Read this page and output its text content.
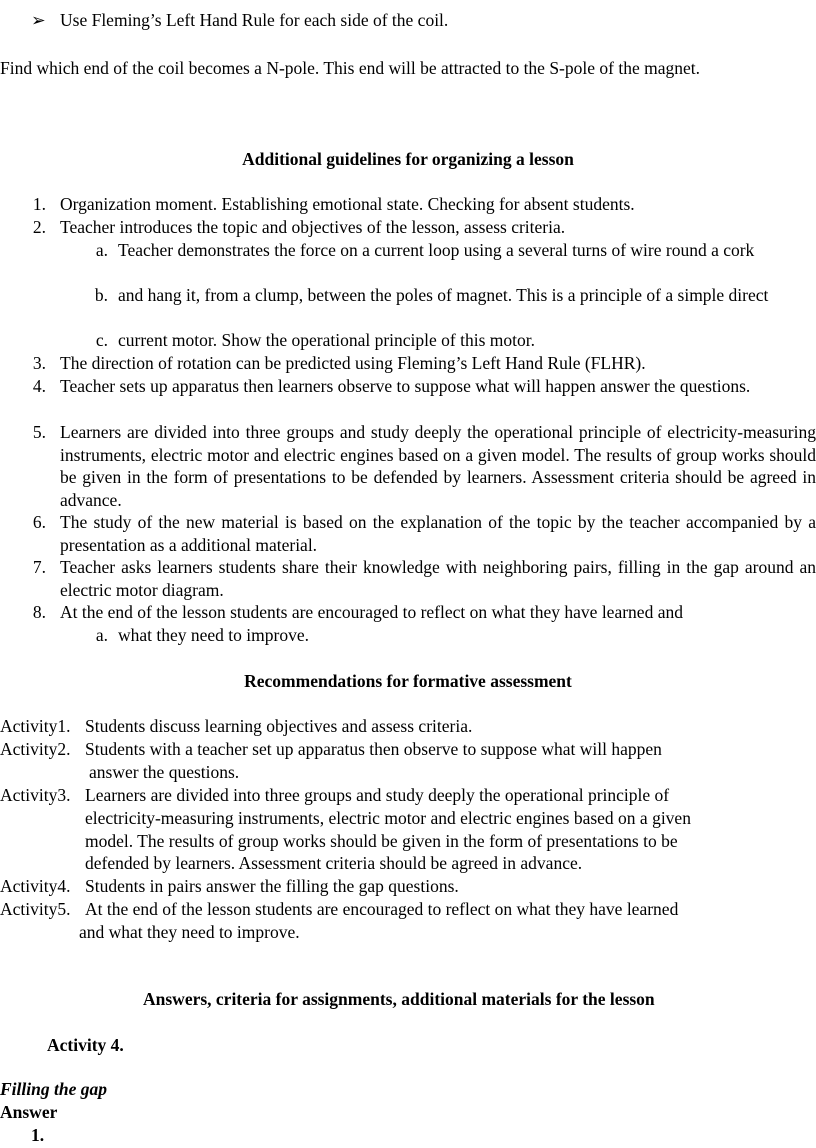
➢ Use Fleming’s Left Hand Rule for each side of the coil.
Find which end of the coil becomes a N-pole. This end will be attracted to the S-pole of the magnet.
Additional guidelines for organizing a lesson
1. Organization moment. Establishing emotional state. Checking for absent students.
2. Teacher introduces the topic and objectives of the lesson, assess criteria.
a. Teacher demonstrates the force on a current loop using a several turns of wire round a cork
b. and hang it, from a clump, between the poles of magnet. This is a principle of a simple direct
c. current motor. Show the operational principle of this motor.
3. The direction of rotation can be predicted using Fleming’s Left Hand Rule (FLHR).
4. Teacher sets up apparatus then learners observe to suppose what will happen answer the questions.
5. Learners are divided into three groups and study deeply the operational principle of electricity-measuring instruments, electric motor and electric engines based on a given model. The results of group works should be given in the form of presentations to be defended by learners. Assessment criteria should be agreed in advance.
6. The study of the new material is based on the explanation of the topic by the teacher accompanied by a presentation as a additional material.
7. Teacher asks learners students share their knowledge with neighboring pairs, filling in the gap around an electric motor diagram.
8. At the end of the lesson students are encouraged to reflect on what they have learned and
a. what they need to improve.
Recommendations for formative assessment
Activity1. Students discuss learning objectives and assess criteria.
Activity2. Students with a teacher set up apparatus then observe to suppose what will happen
answer the questions.
Activity3. Learners are divided into three groups and study deeply the operational principle of
electricity-measuring instruments, electric motor and electric engines based on a given
model. The results of group works should be given in the form of presentations to be
defended by learners. Assessment criteria should be agreed in advance.
Activity4. Students in pairs answer the filling the gap questions.
Activity5. At the end of the lesson students are encouraged to reflect on what they have learned
and what they need to improve.
Answers, criteria for assignments, additional materials for the lesson
Activity 4.
Filling the gap
Answer
1.
